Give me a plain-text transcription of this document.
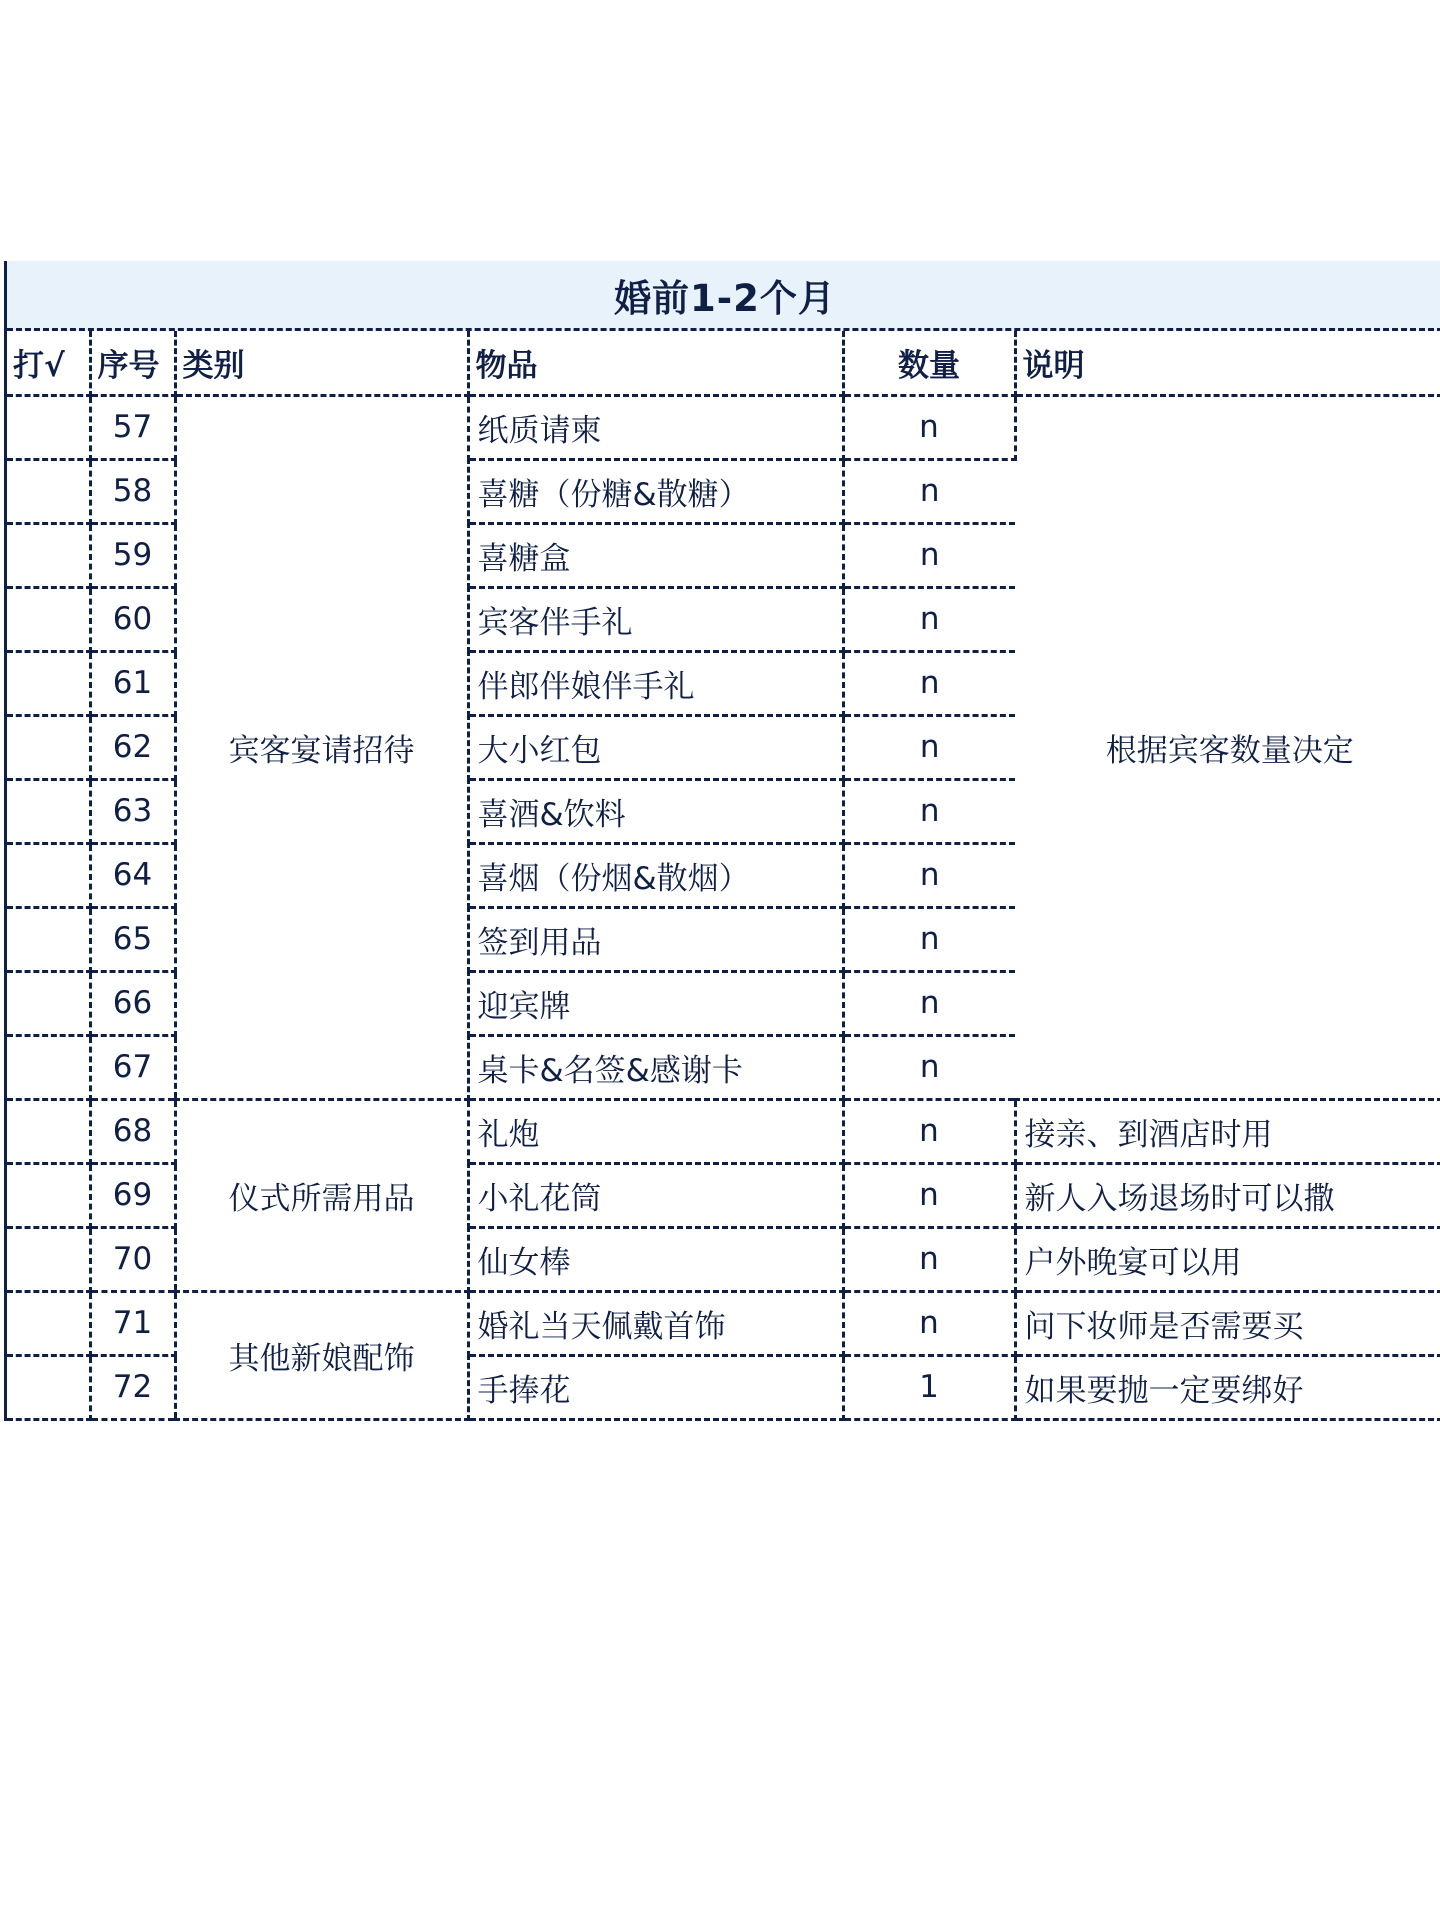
婚前1-2个月
打√	序号	类别	物品	数量	说明
	57	宾客宴请招待	纸质请柬	n	根据宾客数量决定
	58		喜糖（份糖&散糖）	n	
	59		喜糖盒	n	
	60		宾客伴手礼	n	
	61		伴郎伴娘伴手礼	n	
	62		大小红包	n	
	63		喜酒&饮料	n	
	64		喜烟（份烟&散烟）	n	
	65		签到用品	n	
	66		迎宾牌	n	
	67		桌卡&名签&感谢卡	n	
	68	仪式所需用品	礼炮	n	接亲、到酒店时用
	69		小礼花筒	n	新人入场退场时可以撒
	70		仙女棒	n	户外晚宴可以用
	71	其他新娘配饰	婚礼当天佩戴首饰	n	问下妆师是否需要买
	72		手捧花	1	如果要抛一定要绑好
